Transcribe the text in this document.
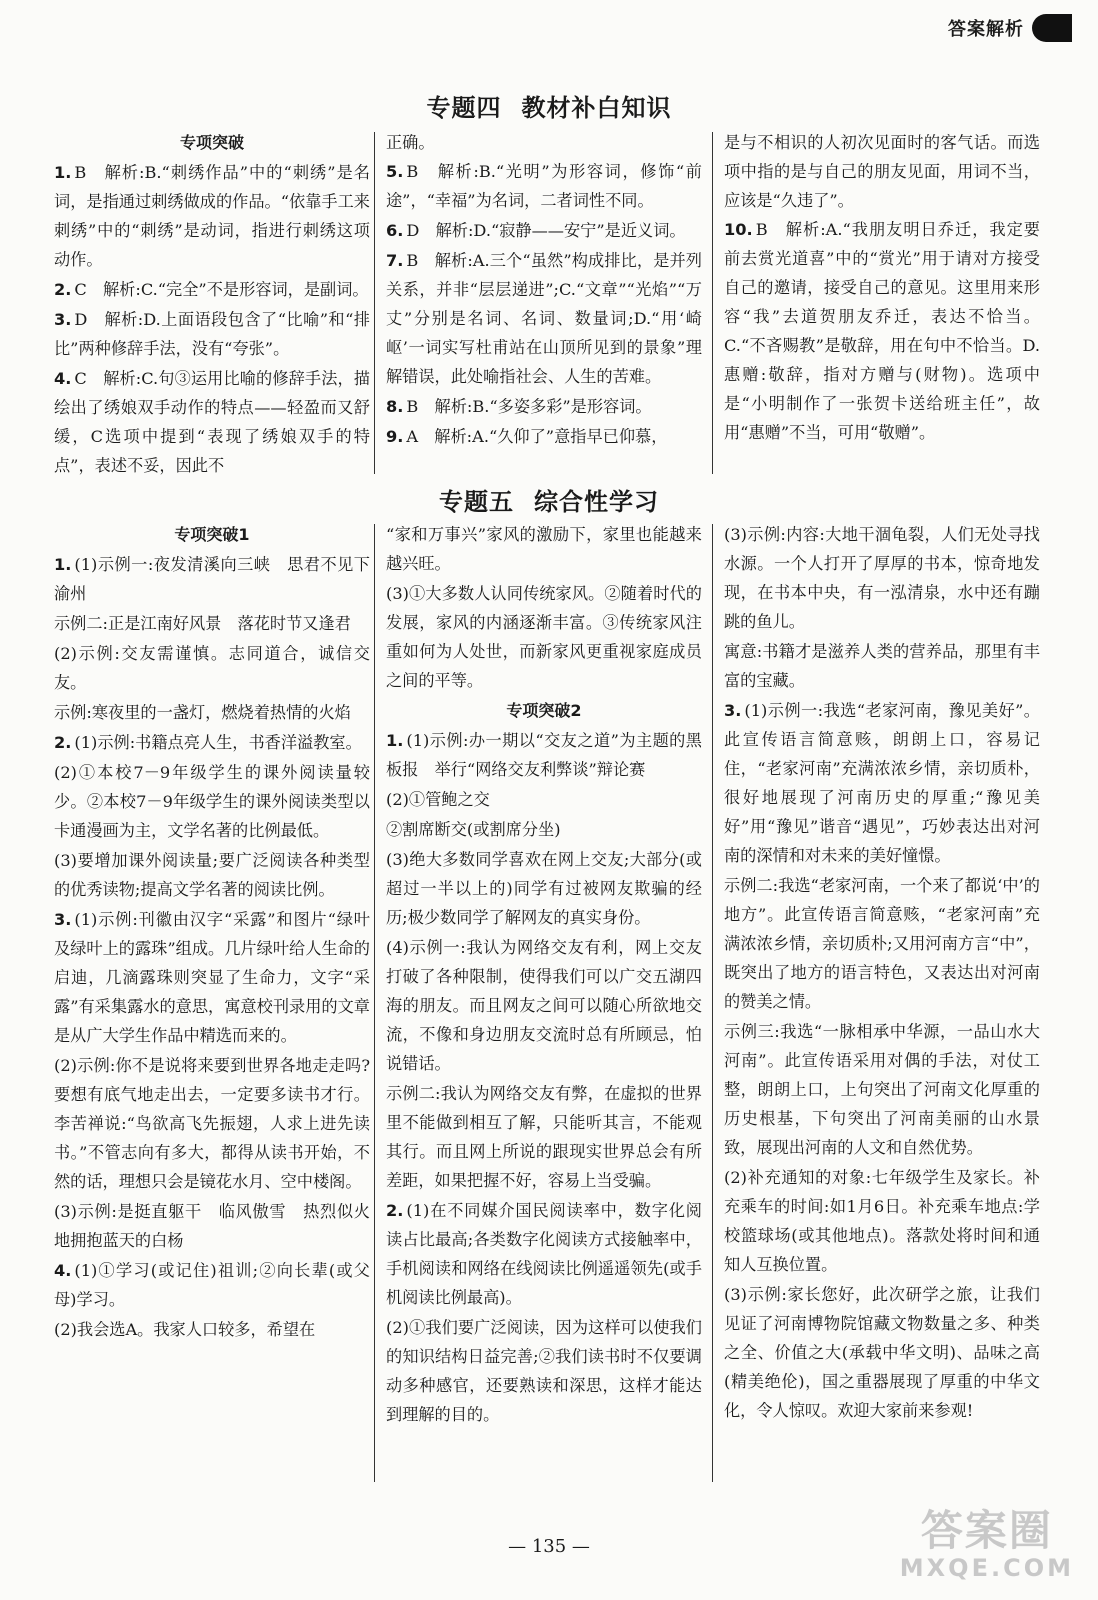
答案解析
专题四 教材补白知识
专项突破
1. B　解析:B.“刺绣作品”中的“刺绣”是名词，是指通过刺绣做成的作品。“依靠手工来刺绣”中的“刺绣”是动词，指进行刺绣这项动作。
2. C　解析:C.“完全”不是形容词，是副词。
3. D　解析:D.上面语段包含了“比喻”和“排比”两种修辞手法，没有“夸张”。
4. C　解析:C.句③运用比喻的修辞手法，描绘出了绣娘双手动作的特点——轻盈而又舒缓，C选项中提到“表现了绣娘双手的特点”，表述不妥，因此不
正确。
5. B　解析:B.“光明”为形容词，修饰“前途”，“幸福”为名词，二者词性不同。
6. D　解析:D.“寂静——安宁”是近义词。
7. B　解析:A.三个“虽然”构成排比，是并列关系，并非“层层递进”;C.“文章”“光焰”“万丈”分别是名词、名词、数量词;D.“用‘崎岖’一词实写杜甫站在山顶所见到的景象”理解错误，此处喻指社会、人生的苦难。
8. B　解析:B.“多姿多彩”是形容词。
9. A　解析:A.“久仰了”意指早已仰慕，
是与不相识的人初次见面时的客气话。而选项中指的是与自己的朋友见面，用词不当，应该是“久违了”。
10. B　解析:A.“我朋友明日乔迁，我定要前去赏光道喜”中的“赏光”用于请对方接受自己的邀请，接受自己的意见。这里用来形容“我”去道贺朋友乔迁，表达不恰当。C.“不吝赐教”是敬辞，用在句中不恰当。D.惠赠:敬辞，指对方赠与(财物)。选项中是“小明制作了一张贺卡送给班主任”，故用“惠赠”不当，可用“敬赠”。
专题五 综合性学习
专项突破1
1. (1)示例一:夜发清溪向三峡　思君不见下渝州
示例二:正是江南好风景　落花时节又逢君
(2)示例:交友需谨慎。志同道合，诚信交友。
示例:寒夜里的一盏灯，燃烧着热情的火焰
2. (1)示例:书籍点亮人生，书香洋溢教室。
(2)①本校7－9年级学生的课外阅读量较少。②本校7－9年级学生的课外阅读类型以卡通漫画为主，文学名著的比例最低。
(3)要增加课外阅读量;要广泛阅读各种类型的优秀读物;提高文学名著的阅读比例。
3. (1)示例:刊徽由汉字“采露”和图片“绿叶及绿叶上的露珠”组成。几片绿叶给人生命的启迪，几滴露珠则突显了生命力，文字“采露”有采集露水的意思，寓意校刊录用的文章是从广大学生作品中精选而来的。
(2)示例:你不是说将来要到世界各地走走吗?要想有底气地走出去，一定要多读书才行。李苦禅说:“鸟欲高飞先振翅，人求上进先读书。”不管志向有多大，都得从读书开始，不然的话，理想只会是镜花水月、空中楼阁。
(3)示例:是挺直躯干　临风傲雪　热烈似火地拥抱蓝天的白杨
4. (1)①学习(或记住)祖训;②向长辈(或父母)学习。
(2)我会选A。我家人口较多，希望在
“家和万事兴”家风的激励下，家里也能越来越兴旺。
(3)①大多数人认同传统家风。②随着时代的发展，家风的内涵逐渐丰富。③传统家风注重如何为人处世，而新家风更重视家庭成员之间的平等。
专项突破2
1. (1)示例:办一期以“交友之道”为主题的黑板报　举行“网络交友利弊谈”辩论赛
(2)①管鲍之交
②割席断交(或割席分坐)
(3)绝大多数同学喜欢在网上交友;大部分(或超过一半以上的)同学有过被网友欺骗的经历;极少数同学了解网友的真实身份。
(4)示例一:我认为网络交友有利，网上交友打破了各种限制，使得我们可以广交五湖四海的朋友。而且网友之间可以随心所欲地交流，不像和身边朋友交流时总有所顾忌，怕说错话。
示例二:我认为网络交友有弊，在虚拟的世界里不能做到相互了解，只能听其言，不能观其行。而且网上所说的跟现实世界总会有所差距，如果把握不好，容易上当受骗。
2. (1)在不同媒介国民阅读率中，数字化阅读占比最高;各类数字化阅读方式接触率中，手机阅读和网络在线阅读比例遥遥领先(或手机阅读比例最高)。
(2)①我们要广泛阅读，因为这样可以使我们的知识结构日益完善;②我们读书时不仅要调动多种感官，还要熟读和深思，这样才能达到理解的目的。
(3)示例:内容:大地干涸龟裂，人们无处寻找水源。一个人打开了厚厚的书本，惊奇地发现，在书本中央，有一泓清泉，水中还有蹦跳的鱼儿。
寓意:书籍才是滋养人类的营养品，那里有丰富的宝藏。
3. (1)示例一:我选“老家河南，豫见美好”。此宣传语言简意赅，朗朗上口，容易记住，“老家河南”充满浓浓乡情，亲切质朴，很好地展现了河南历史的厚重;“豫见美好”用“豫见”谐音“遇见”，巧妙表达出对河南的深情和对未来的美好憧憬。
示例二:我选“老家河南，一个来了都说‘中’的地方”。此宣传语言简意赅，“老家河南”充满浓浓乡情，亲切质朴;又用河南方言“中”，既突出了地方的语言特色，又表达出对河南的赞美之情。
示例三:我选“一脉相承中华源，一品山水大河南”。此宣传语采用对偶的手法，对仗工整，朗朗上口，上句突出了河南文化厚重的历史根基，下句突出了河南美丽的山水景致，展现出河南的人文和自然优势。
(2)补充通知的对象:七年级学生及家长。补充乘车的时间:如1月6日。补充乘车地点:学校篮球场(或其他地点)。落款处将时间和通知人互换位置。
(3)示例:家长您好，此次研学之旅，让我们见证了河南博物院馆藏文物数量之多、种类之全、价值之大(承载中华文明)、品味之高(精美绝伦)，国之重器展现了厚重的中华文化，令人惊叹。欢迎大家前来参观!
— 135 —	答案圈
MXQE.COM
